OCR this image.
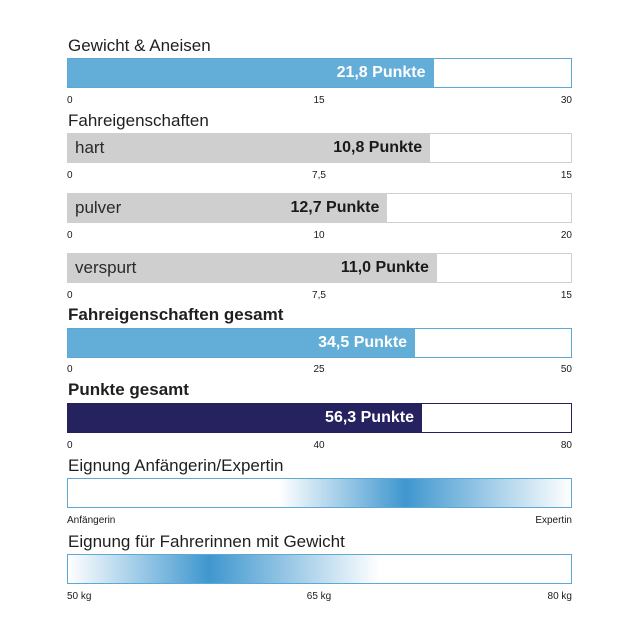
Gewicht & Aneisen
21,8 Punkte
0	15	30
Fahreigenschaften
10,8 Punkte
hart
0	7,5	15
12,7 Punkte
pulver
0	10	20
11,0 Punkte
verspurt
0	7,5	15
Fahreigenschaften gesamt
34,5 Punkte
0	25	50
Punkte gesamt
56,3 Punkte
0	40	80
Eignung Anfängerin/Expertin
Anfängerin	Expertin
Eignung für Fahrerinnen mit Gewicht
50 kg	65 kg	80 kg
